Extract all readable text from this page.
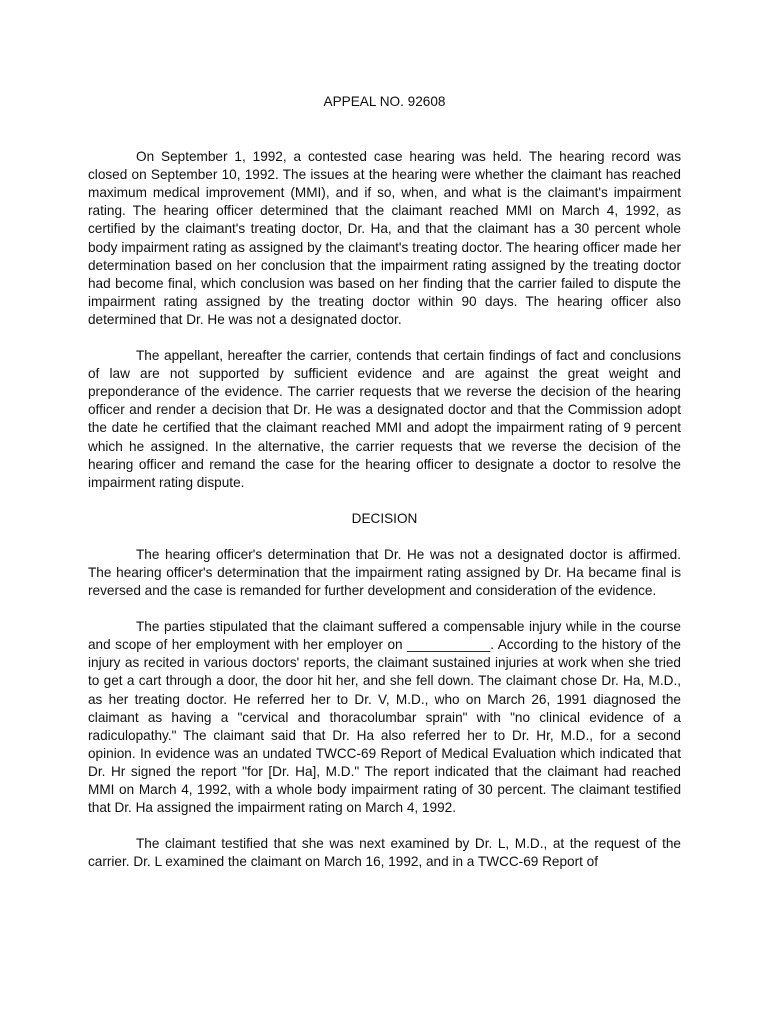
APPEAL NO. 92608

On September 1, 1992, a contested case hearing was held. The hearing record was closed on September 10, 1992. The issues at the hearing were whether the claimant has reached maximum medical improvement (MMI), and if so, when, and what is the claimant's impairment rating. The hearing officer determined that the claimant reached MMI on March 4, 1992, as certified by the claimant's treating doctor, Dr. Ha, and that the claimant has a 30 percent whole body impairment rating as assigned by the claimant's treating doctor. The hearing officer made her determination based on her conclusion that the impairment rating assigned by the treating doctor had become final, which conclusion was based on her finding that the carrier failed to dispute the impairment rating assigned by the treating doctor within 90 days. The hearing officer also determined that Dr. He was not a designated doctor.

The appellant, hereafter the carrier, contends that certain findings of fact and conclusions of law are not supported by sufficient evidence and are against the great weight and preponderance of the evidence. The carrier requests that we reverse the decision of the hearing officer and render a decision that Dr. He was a designated doctor and that the Commission adopt the date he certified that the claimant reached MMI and adopt the impairment rating of 9 percent which he assigned. In the alternative, the carrier requests that we reverse the decision of the hearing officer and remand the case for the hearing officer to designate a doctor to resolve the impairment rating dispute.

DECISION

The hearing officer's determination that Dr. He was not a designated doctor is affirmed. The hearing officer's determination that the impairment rating assigned by Dr. Ha became final is reversed and the case is remanded for further development and consideration of the evidence.

The parties stipulated that the claimant suffered a compensable injury while in the course and scope of her employment with her employer on ___________. According to the history of the injury as recited in various doctors' reports, the claimant sustained injuries at work when she tried to get a cart through a door, the door hit her, and she fell down. The claimant chose Dr. Ha, M.D., as her treating doctor. He referred her to Dr. V, M.D., who on March 26, 1991 diagnosed the claimant as having a "cervical and thoracolumbar sprain" with "no clinical evidence of a radiculopathy." The claimant said that Dr. Ha also referred her to Dr. Hr, M.D., for a second opinion. In evidence was an undated TWCC-69 Report of Medical Evaluation which indicated that Dr. Hr signed the report "for [Dr. Ha], M.D." The report indicated that the claimant had reached MMI on March 4, 1992, with a whole body impairment rating of 30 percent. The claimant testified that Dr. Ha assigned the impairment rating on March 4, 1992.

The claimant testified that she was next examined by Dr. L, M.D., at the request of the carrier. Dr. L examined the claimant on March 16, 1992, and in a TWCC-69 Report of
